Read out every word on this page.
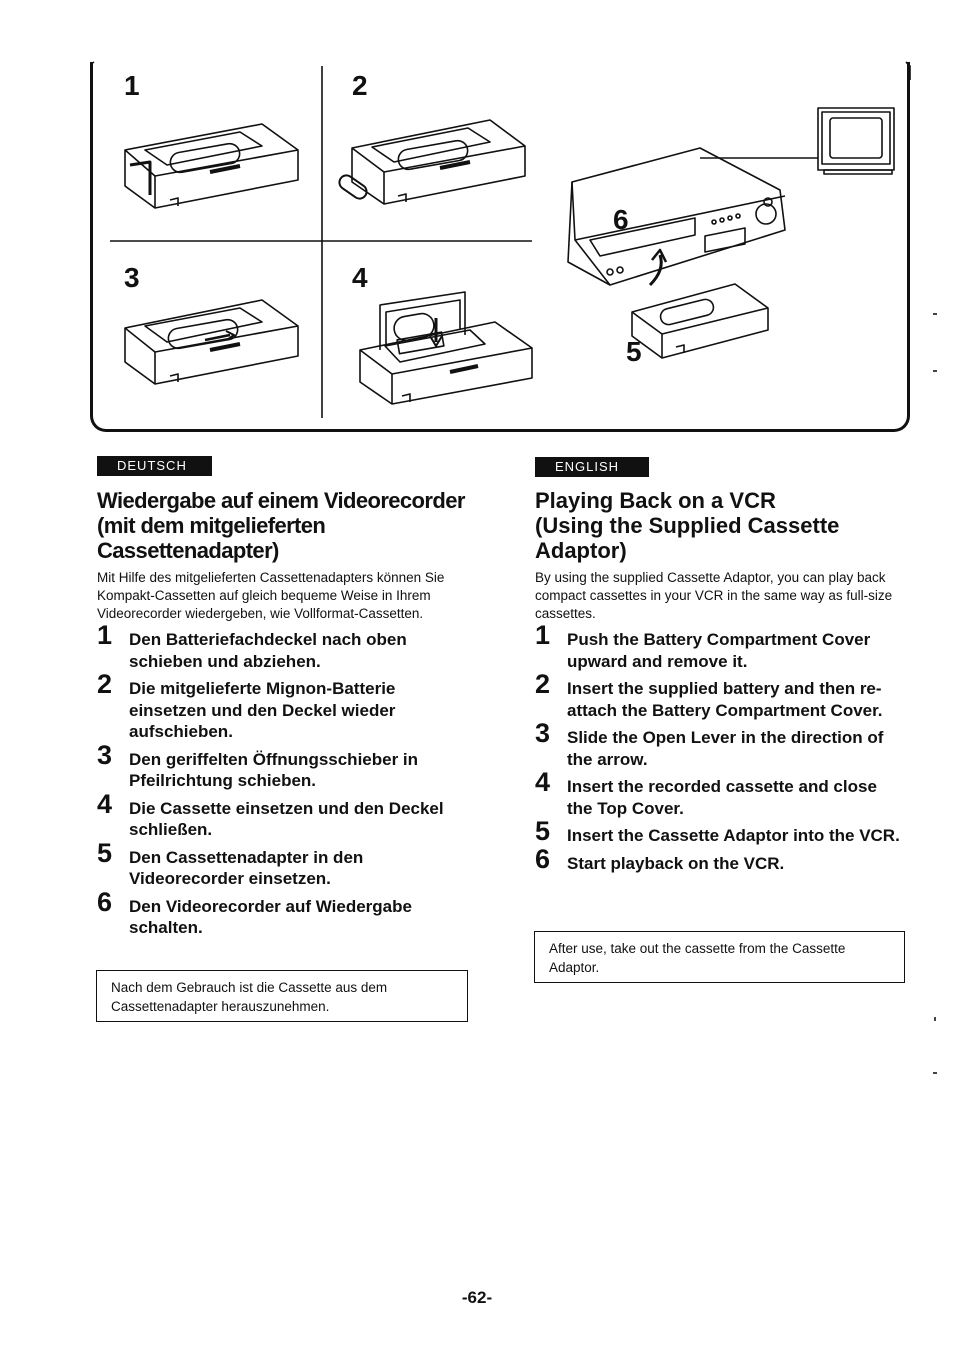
1	2
3	4
5
6
DEUTSCH	ENGLISH
Wiedergabe auf einem Videorecorder
(mit dem mitgelieferten
Cassettenadapter)

Mit Hilfe des mitgelieferten Cassettenadapters können Sie Kompakt-Cassetten auf gleich bequeme Weise in Ihrem Videorecorder wiedergeben, wie Vollformat-Cassetten.

1 Den Batteriefachdeckel nach oben schieben und abziehen.
2 Die mitgelieferte Mignon-Batterie einsetzen und den Deckel wieder aufschieben.
3 Den geriffelten Öffnungsschieber in Pfeilrichtung schieben.
4 Die Cassette einsetzen und den Deckel schließen.
5 Den Cassettenadapter in den Videorecorder einsetzen.
6 Den Videorecorder auf Wiedergabe schalten.
Nach dem Gebrauch ist die Cassette aus dem Cassettenadapter herauszunehmen.
Playing Back on a VCR
(Using the Supplied Cassette
Adaptor)

By using the supplied Cassette Adaptor, you can play back compact cassettes in your VCR in the same way as full-size cassettes.

1 Push the Battery Compartment Cover upward and remove it.
2 Insert the supplied battery and then re-attach the Battery Compartment Cover.
3 Slide the Open Lever in the direction of the arrow.
4 Insert the recorded cassette and close the Top Cover.
5 Insert the Cassette Adaptor into the VCR.
6 Start playback on the VCR.
After use, take out the cassette from the Cassette Adaptor.
-62-
